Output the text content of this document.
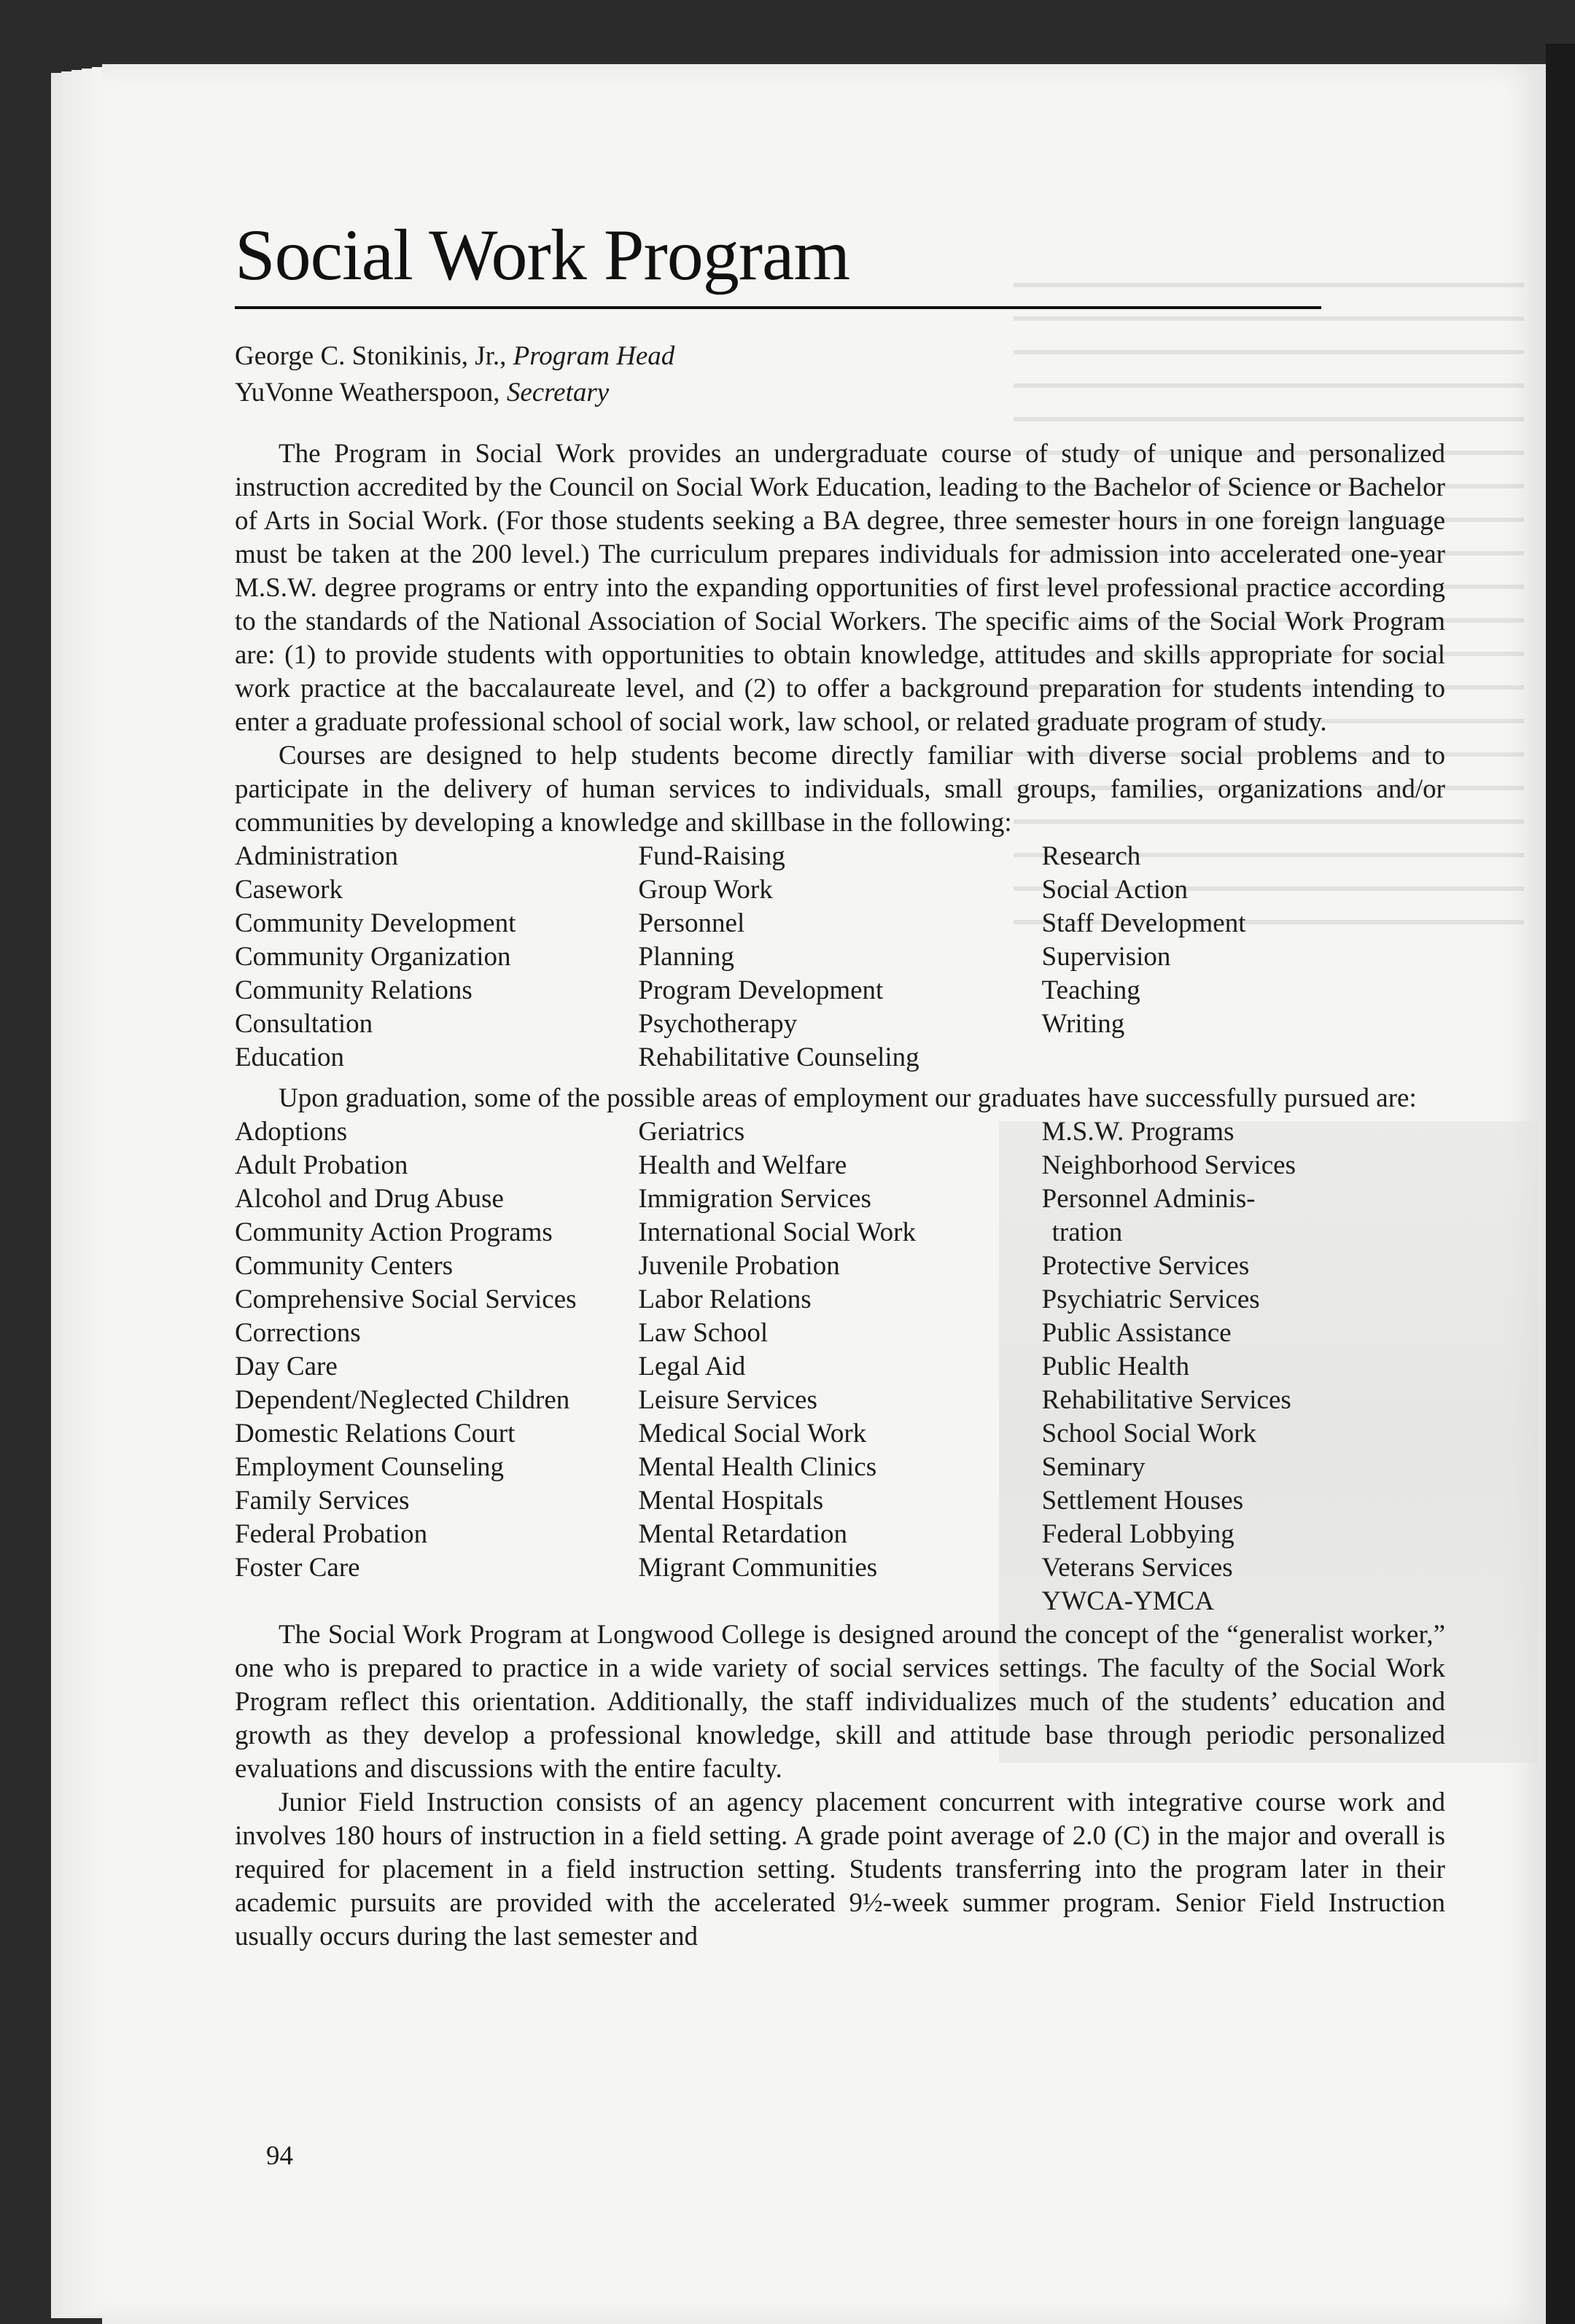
Social Work Program
George C. Stonikinis, Jr., Program Head
YuVonne Weatherspoon, Secretary

The Program in Social Work provides an undergraduate course of study of unique and personalized instruction accredited by the Council on Social Work Education, leading to the Bachelor of Science or Bachelor of Arts in Social Work. (For those students seeking a BA degree, three semester hours in one foreign language must be taken at the 200 level.) The curriculum prepares individuals for admission into accelerated one-year M.S.W. degree programs or entry into the expanding opportunities of first level professional practice according to the standards of the National Association of Social Workers. The specific aims of the Social Work Program are: (1) to provide students with opportunities to obtain knowledge, attitudes and skills appropriate for social work practice at the baccalaureate level, and (2) to offer a background preparation for students intending to enter a graduate professional school of social work, law school, or related graduate program of study.

Courses are designed to help students become directly familiar with diverse social problems and to participate in the delivery of human services to individuals, small groups, families, organizations and/or communities by developing a knowledge and skillbase in the following:

Administration
Casework
Community Development
Community Organization
Community Relations
Consultation
Education
Fund-Raising
Group Work
Personnel
Planning
Program Development
Psychotherapy
Rehabilitative Counseling
Research
Social Action
Staff Development
Supervision
Teaching
Writing

Upon graduation, some of the possible areas of employment our graduates have successfully pursued are:

Adoptions
Adult Probation
Alcohol and Drug Abuse
Community Action Programs
Community Centers
Comprehensive Social Services
Corrections
Day Care
Dependent/Neglected Children
Domestic Relations Court
Employment Counseling
Family Services
Federal Probation
Foster Care
Geriatrics
Health and Welfare
Immigration Services
International Social Work
Juvenile Probation
Labor Relations
Law School
Legal Aid
Leisure Services
Medical Social Work
Mental Health Clinics
Mental Hospitals
Mental Retardation
Migrant Communities
M.S.W. Programs
Neighborhood Services
Personnel Adminis-
tration
Protective Services
Psychiatric Services
Public Assistance
Public Health
Rehabilitative Services
School Social Work
Seminary
Settlement Houses
Federal Lobbying
Veterans Services
YWCA-YMCA

The Social Work Program at Longwood College is designed around the concept of the “generalist worker,” one who is prepared to practice in a wide variety of social services settings. The faculty of the Social Work Program reflect this orientation. Additionally, the staff individualizes much of the students’ education and growth as they develop a professional knowledge, skill and attitude base through periodic personalized evaluations and discussions with the entire faculty.

Junior Field Instruction consists of an agency placement concurrent with integrative course work and involves 180 hours of instruction in a field setting. A grade point average of 2.0 (C) in the major and overall is required for placement in a field instruction setting. Students transferring into the program later in their academic pursuits are provided with the accelerated 9½-week summer program. Senior Field Instruction usually occurs during the last semester and

94
